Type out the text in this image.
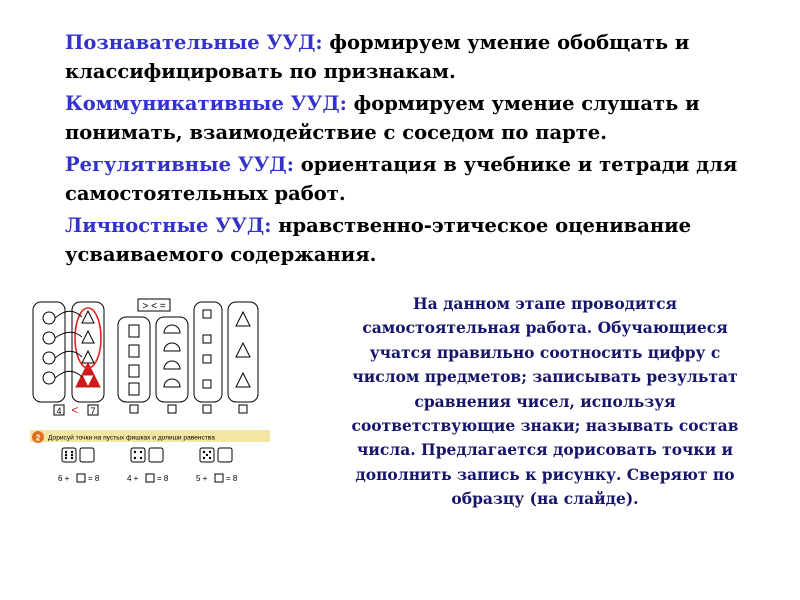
Познавательные УУД: формируем умение обобщать и классифицировать по признакам.
Коммуникативные УУД: формируем умение слушать и понимать, взаимодействие с соседом по парте.
Регулятивные УУД: ориентация в учебнике и тетради для самостоятельных работ.
Личностные УУД: нравственно-этическое оценивание усваиваемого содержания.
> < =
4 < 7
2 Дорисуй точки на пустых фишках и допиши равенства
6 + = 8	4 + = 8	5 + = 8
На данном этапе проводится самостоятельная работа. Обучающиеся учатся правильно соотносить цифру с числом предметов; записывать результат сравнения чисел, используя соответствующие знаки; называть состав числа. Предлагается дорисовать точки и дополнить запись к рисунку. Сверяют по образцу (на слайде).
